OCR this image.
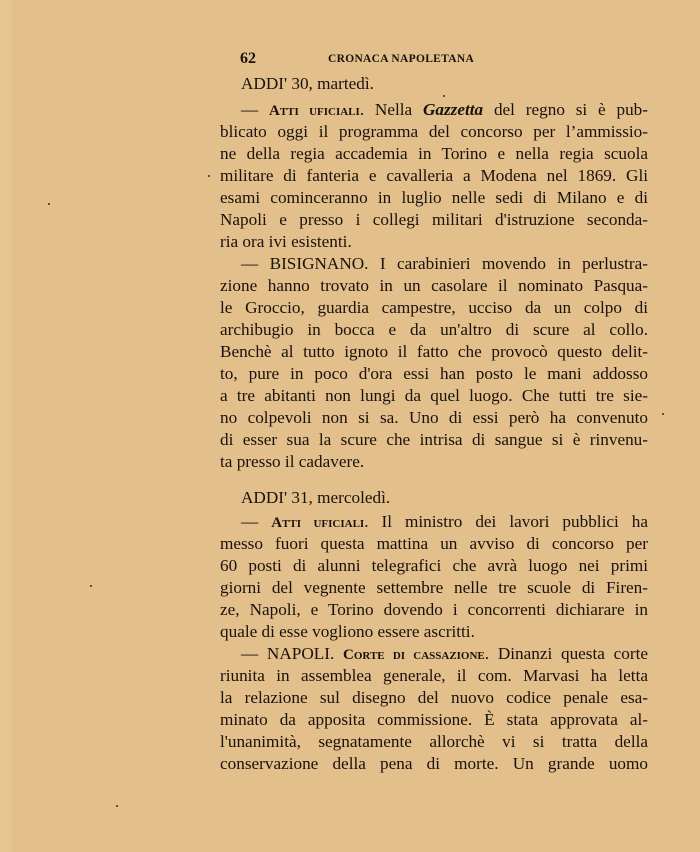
62	CRONACA NAPOLETANA
ADDI' 30, martedì.
— Atti uficiali. Nella Gazzetta del regno si è pub-
blicato oggi il programma del concorso per l’ammissio-
ne della regia accademia in Torino e nella regia scuola
militare di fanteria e cavalleria a Modena nel 1869. Gli
esami cominceranno in luglio nelle sedi di Milano e di
Napoli e presso i collegi militari d'istruzione seconda-
ria ora ivi esistenti.
— BISIGNANO. I carabinieri movendo in perlustra-
zione hanno trovato in un casolare il nominato Pasqua-
le Groccio, guardia campestre, ucciso da un colpo di
archibugio in bocca e da un'altro di scure al collo.
Benchè al tutto ignoto il fatto che provocò questo delit-
to, pure in poco d'ora essi han posto le mani addosso
a tre abitanti non lungi da quel luogo. Che tutti tre sie-
no colpevoli non si sa. Uno di essi però ha convenuto
di esser sua la scure che intrisa di sangue si è rinvenu-
ta presso il cadavere.
ADDI' 31, mercoledì.
— Atti uficiali. Il ministro dei lavori pubblici ha
messo fuori questa mattina un avviso di concorso per
60 posti di alunni telegrafici che avrà luogo nei primi
giorni del vegnente settembre nelle tre scuole di Firen-
ze, Napoli, e Torino dovendo i concorrenti dichiarare in
quale di esse vogliono essere ascritti.
— NAPOLI. Corte di cassazione. Dinanzi questa corte
riunita in assemblea generale, il com. Marvasi ha letta
la relazione sul disegno del nuovo codice penale esa-
minato da apposita commissione. È stata approvata al-
l'unanimità, segnatamente allorchè vi si tratta della
conservazione della pena di morte. Un grande uomo
